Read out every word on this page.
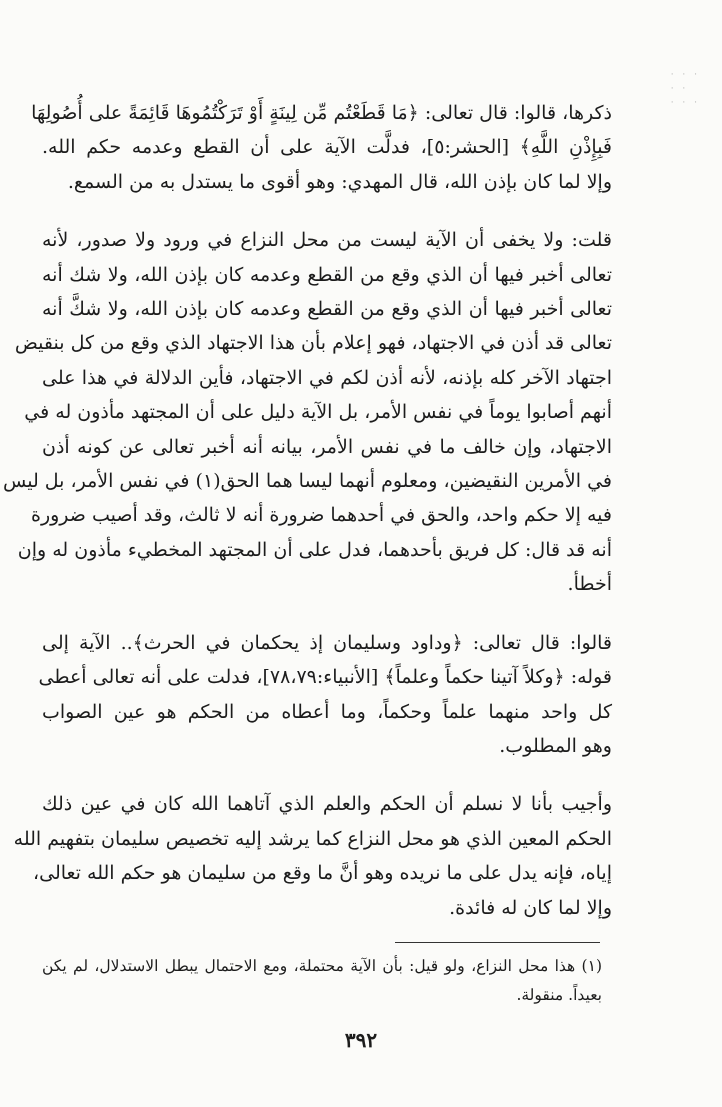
· · ·
· ·
· · ·
ذكرها، قالوا: قال تعالى: ﴿مَا قَطَعْتُم مِّن لِينَةٍ أَوْ تَرَكْتُمُوهَا قَائِمَةً على أُصُولِهَا
فَبِإِذْنِ اللَّهِ﴾ [الحشر:٥]، فدلَّت الآية على أن القطع وعدمه حكم الله.
وإلا لما كان بإذن الله، قال المهدي: وهو أقوى ما يستدل به من السمع.
قلت: ولا يخفى أن الآية ليست من محل النزاع في ورود ولا صدور، لأنه
تعالى أخبر فيها أن الذي وقع من القطع وعدمه كان بإذن الله، ولا شك أنه
تعالى أخبر فيها أن الذي وقع من القطع وعدمه كان بإذن الله، ولا شكَّ أنه
تعالى قد أذن في الاجتهاد، فهو إعلام بأن هذا الاجتهاد الذي وقع من كل بنقيض
اجتهاد الآخر كله بإذنه، لأنه أذن لكم في الاجتهاد، فأين الدلالة في هذا على
أنهم أصابوا يوماً في نفس الأمر، بل الآية دليل على أن المجتهد مأذون له في
الاجتهاد، وإن خالف ما في نفس الأمر، بيانه أنه أخبر تعالى عن كونه أذن
في الأمرين النقيضين، ومعلوم أنهما ليسا هما الحق(١) في نفس الأمر، بل ليس
فيه إلا حكم واحد، والحق في أحدهما ضرورة أنه لا ثالث، وقد أصيب ضرورة
أنه قد قال: كل فريق بأحدهما، فدل على أن المجتهد المخطيء مأذون له وإن
أخطأ.
قالوا: قال تعالى: ﴿وداود وسليمان إذ يحكمان في الحرث﴾.. الآية إلى
قوله: ﴿وكلاً آتينا حكماً وعلماً﴾ [الأنبياء:٧٨،٧٩]، فدلت على أنه تعالى أعطى
كل واحد منهما علماً وحكماً، وما أعطاه من الحكم هو عين الصواب
وهو المطلوب.
وأجيب بأنا لا نسلم أن الحكم والعلم الذي آتاهما الله كان في عين ذلك
الحكم المعين الذي هو محل النزاع كما يرشد إليه تخصيص سليمان بتفهيم الله
إياه، فإنه يدل على ما نريده وهو أنَّ ما وقع من سليمان هو حكم الله تعالى،
وإلا لما كان له فائدة.
(١) هذا محل النزاع، ولو قيل: بأن الآية محتملة، ومع الاحتمال يبطل الاستدلال، لم يكن
بعيداً. منقولة.
٣٩٢
